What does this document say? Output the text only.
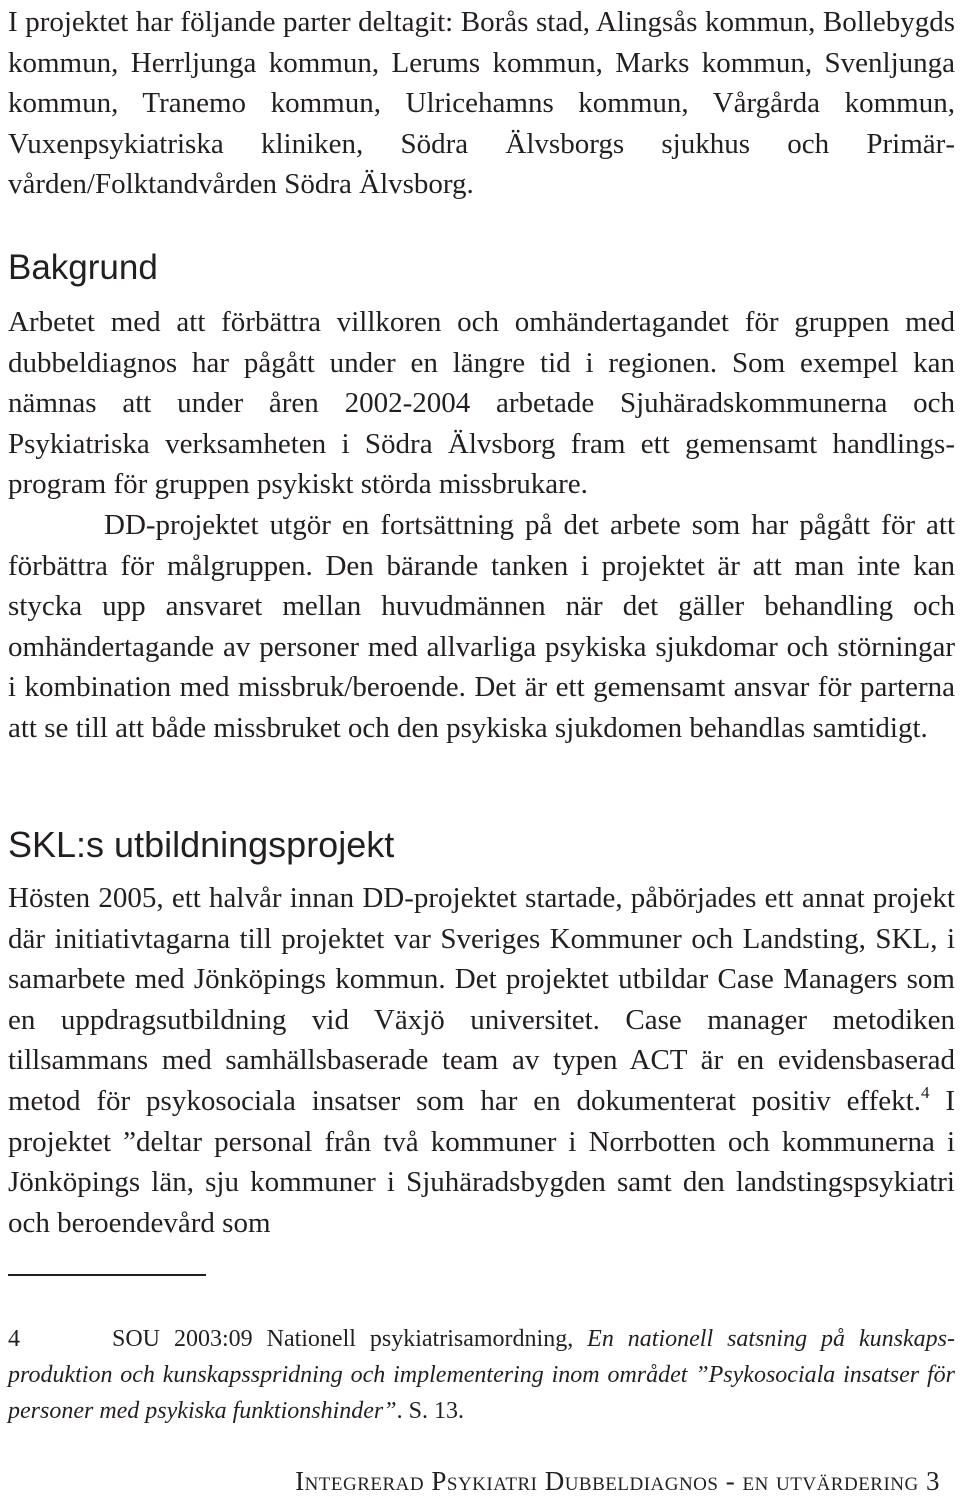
I projektet har följande parter deltagit: Borås stad, Alingsås kommun, Bollebygds kommun, Herrljunga kommun, Lerums kommun, Marks kommun, Svenljunga kommun, Tranemo kommun, Ulricehamns kommun, Vårgårda kommun, Vuxenpsykiatriska kliniken, Södra Älvsborgs sjukhus och Primärvården/Folktandvården Södra Älvsborg.

Bakgrund

Arbetet med att förbättra villkoren och omhändertagandet för gruppen med dubbeldiagnos har pågått under en längre tid i regionen. Som exempel kan nämnas att under åren 2002-2004 arbetade Sjuhäradskommunerna och Psykiatriska verksamheten i Södra Älvsborg fram ett gemensamt handlingsprogram för gruppen psykiskt störda missbrukare.

DD-projektet utgör en fortsättning på det arbete som har pågått för att förbättra för målgruppen. Den bärande tanken i projektet är att man inte kan stycka upp ansvaret mellan huvudmännen när det gäller behandling och omhändertagande av personer med allvarliga psykiska sjukdomar och störningar i kombination med missbruk/beroende. Det är ett gemensamt ansvar för parterna att se till att både missbruket och den psykiska sjukdomen behandlas samtidigt.

SKL:s utbildningsprojekt

Hösten 2005, ett halvår innan DD-projektet startade, påbörjades ett annat projekt där initiativtagarna till projektet var Sveriges Kommuner och Landsting, SKL, i samarbete med Jönköpings kommun. Det projektet utbildar Case Managers som en uppdragsutbildning vid Växjö universitet. Case manager metodiken tillsammans med samhällsbaserade team av typen ACT är en evidensbaserad metod för psykosociala insatser som har en dokumenterat positiv effekt.$^4$ I projektet ”deltar personal från två kommuner i Norrbotten och kommunerna i Jönköpings län, sju kommuner i Sjuhäradsbygden samt den landstingspsykiatri och beroendevård som

4	SOU 2003:09 Nationell psykiatrisamordning, En nationell satsning på kunskapsproduktion och kunskapsspridning och implementering inom området ”Psykosociala insatser för personer med psykiska funktionshinder”. S. 13.

Integrerad Psykiatri Dubbeldiagnos - en utvärdering 3
